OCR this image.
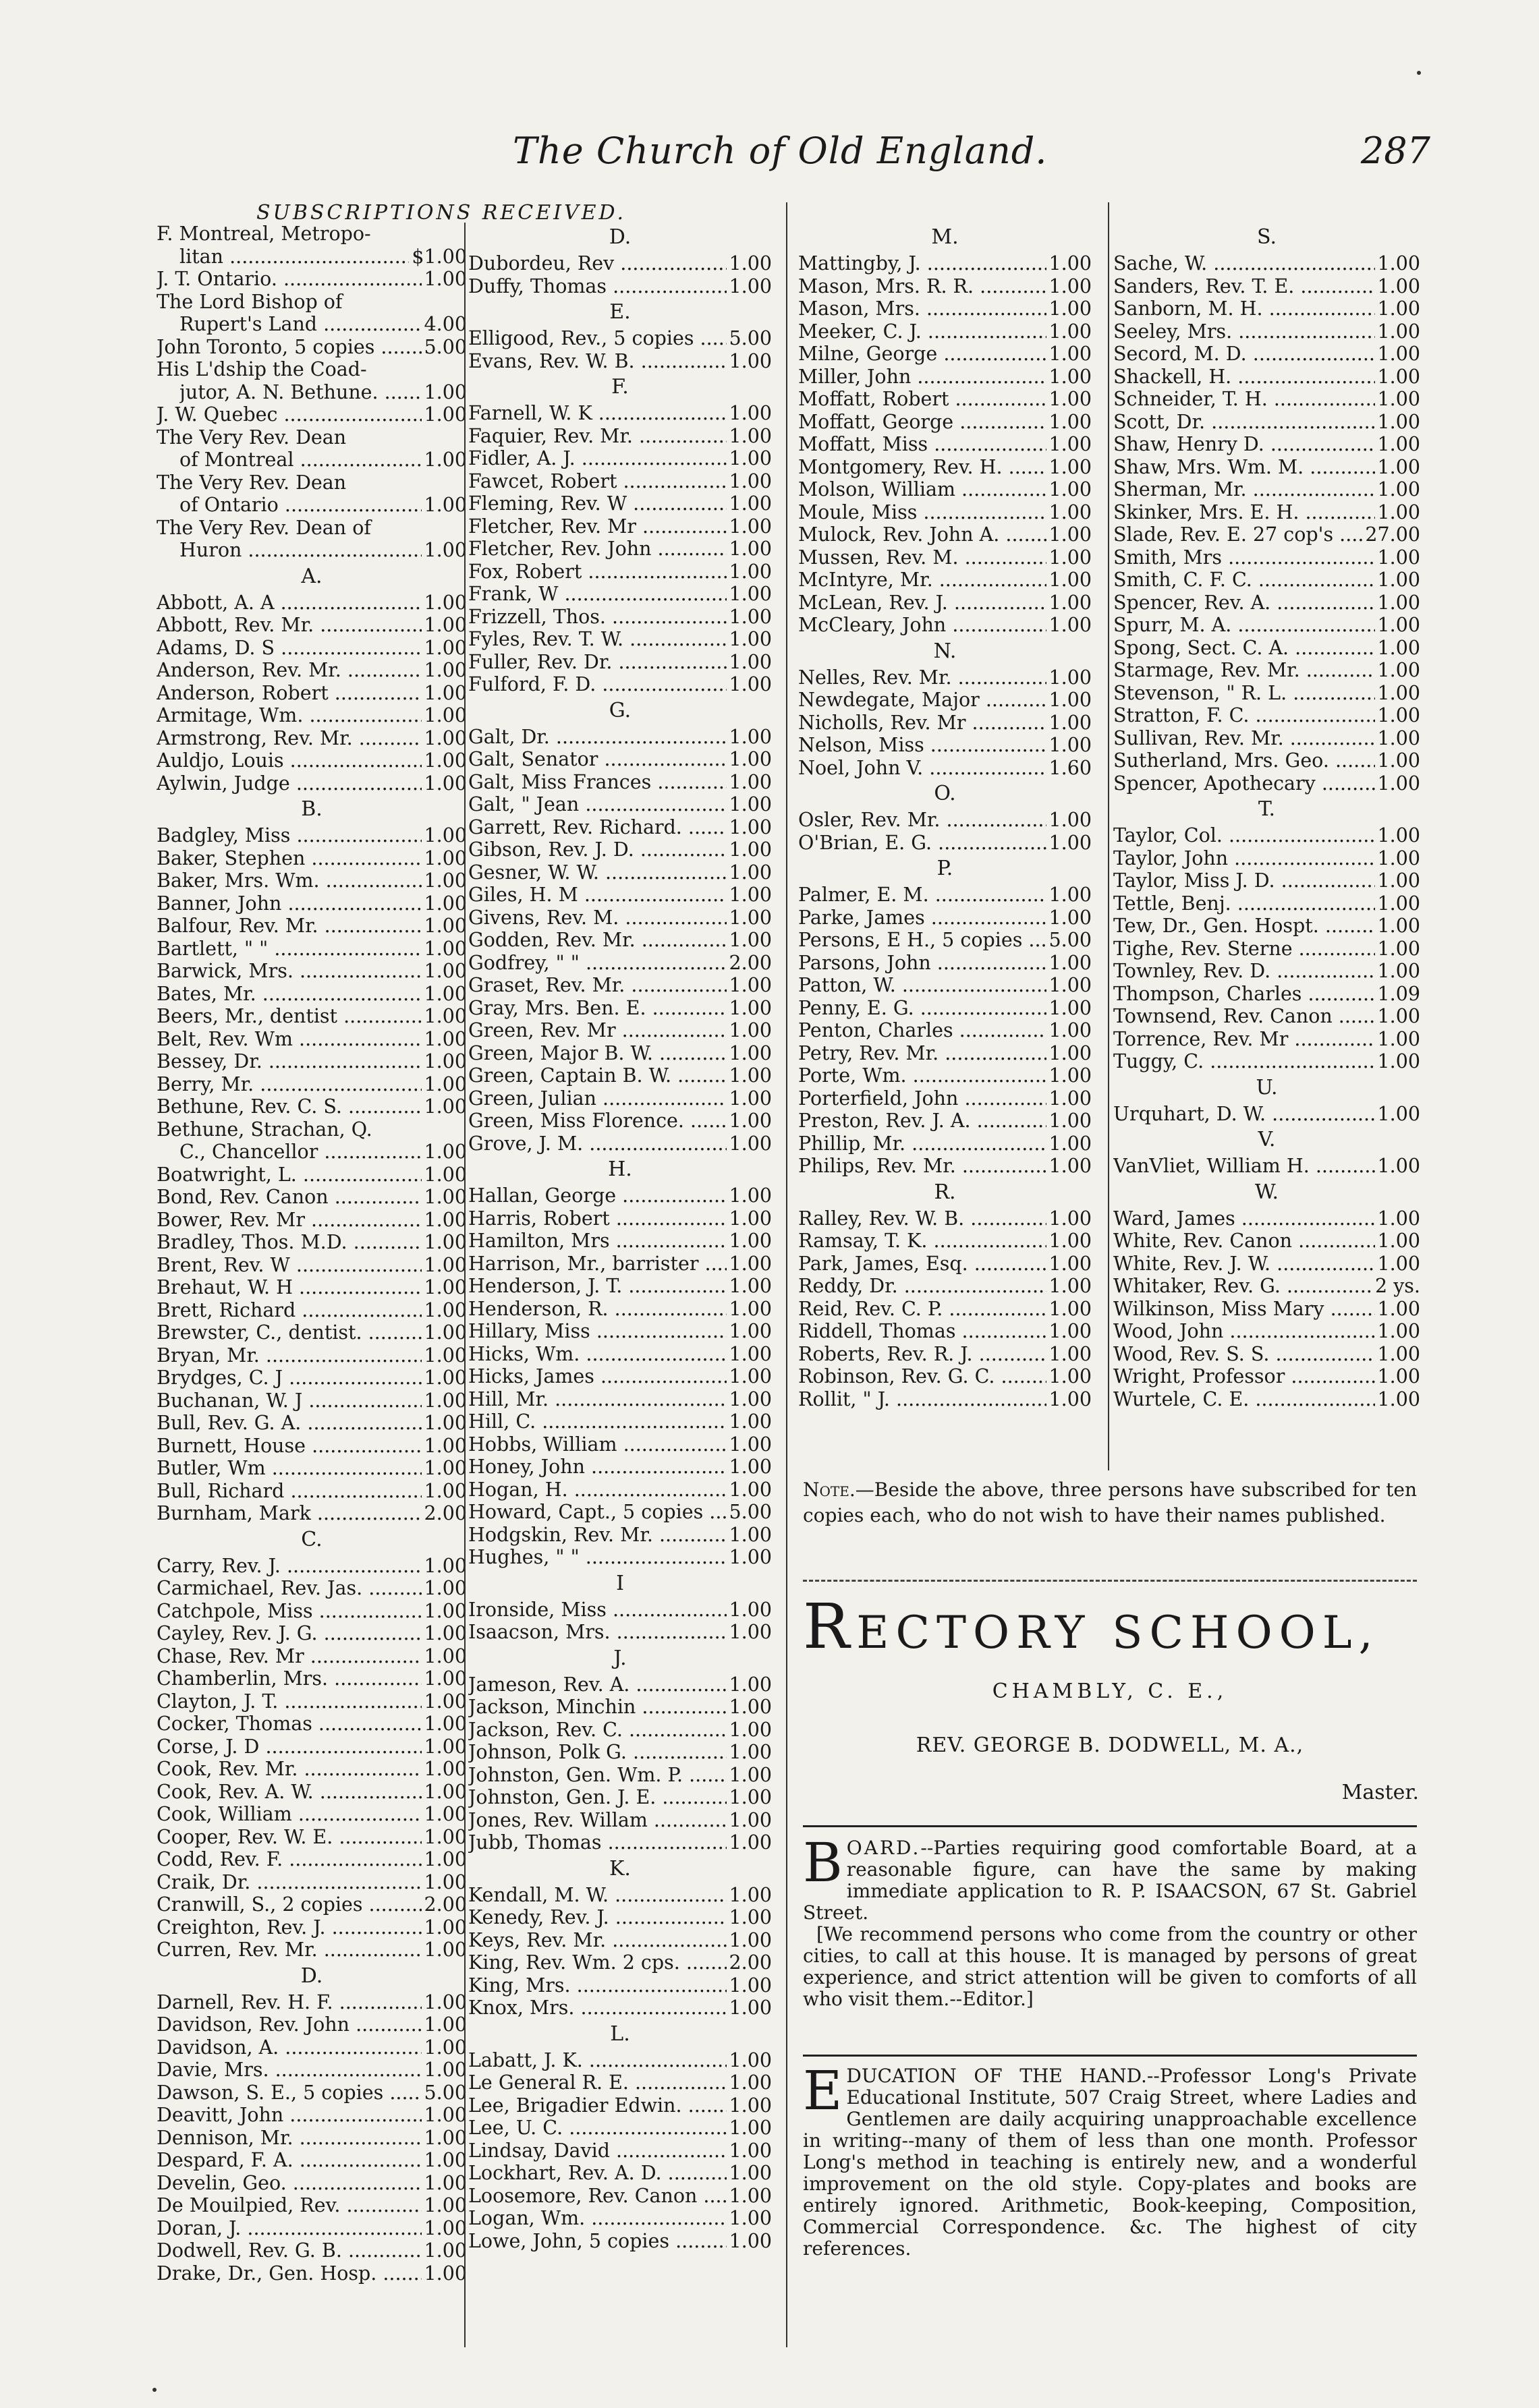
The Church of Old England.	287
SUBSCRIPTIONS RECEIVED.
F. Montreal, Metropo-
litan .....	$1.00
J. T. Ontario. .....	1.00
The Lord Bishop of
Rupert's Land .....	4.00
John Toronto, 5 copies .....	5.00
His L'dship the Coad-
jutor, A. N. Bethune. .....	1.00
J. W. Quebec .....	1.00
The Very Rev. Dean
of Montreal .....	1.00
The Very Rev. Dean
of Ontario .....	1.00
The Very Rev. Dean of
Huron .....	1.00
A.
Abbott, A. A .....	1.00
Abbott, Rev. Mr. .....	1.00
Adams, D. S .....	1.00
Anderson, Rev. Mr. .....	1.00
Anderson, Robert .....	1.00
Armitage, Wm. .....	1.00
Armstrong, Rev. Mr. .....	1.00
Auldjo, Louis .....	1.00
Aylwin, Judge .....	1.00
B.
Badgley, Miss .....	1.00
Baker, Stephen .....	1.00
Baker, Mrs. Wm. .....	1.00
Banner, John .....	1.00
Balfour, Rev. Mr. .....	1.00
Bartlett, " " .....	1.00
Barwick, Mrs. .....	1.00
Bates, Mr. .....	1.00
Beers, Mr., dentist .....	1.00
Belt, Rev. Wm .....	1.00
Bessey, Dr. .....	1.00
Berry, Mr. .....	1.00
Bethune, Rev. C. S. .....	1.00
Bethune, Strachan, Q.
C., Chancellor .....	1.00
Boatwright, L. .....	1.00
Bond, Rev. Canon .....	1.00
Bower, Rev. Mr .....	1.00
Bradley, Thos. M.D. .....	1.00
Brent, Rev. W .....	1.00
Brehaut, W. H .....	1.00
Brett, Richard .....	1.00
Brewster, C., dentist. .....	1.00
Bryan, Mr. .....	1.00
Brydges, C. J .....	1.00
Buchanan, W. J .....	1.00
Bull, Rev. G. A. .....	1.00
Burnett, House .....	1.00
Butler, Wm .....	1.00
Bull, Richard .....	1.00
Burnham, Mark .....	2.00
C.
Carry, Rev. J. .....	1.00
Carmichael, Rev. Jas. .....	1.00
Catchpole, Miss .....	1.00
Cayley, Rev. J. G. .....	1.00
Chase, Rev. Mr .....	1.00
Chamberlin, Mrs. .....	1.00
Clayton, J. T. .....	1.00
Cocker, Thomas .....	1.00
Corse, J. D .....	1.00
Cook, Rev. Mr. .....	1.00
Cook, Rev. A. W. .....	1.00
Cook, William .....	1.00
Cooper, Rev. W. E. .....	1.00
Codd, Rev. F. .....	1.00
Craik, Dr. .....	1.00
Cranwill, S., 2 copies .....	2.00
Creighton, Rev. J. .....	1.00
Curren, Rev. Mr. .....	1.00
D.
Darnell, Rev. H. F. .....	1.00
Davidson, Rev. John .....	1.00
Davidson, A. .....	1.00
Davie, Mrs. .....	1.00
Dawson, S. E., 5 copies .....	5.00
Deavitt, John .....	1.00
Dennison, Mr. .....	1.00
Despard, F. A. .....	1.00
Develin, Geo. .....	1.00
De Mouilpied, Rev. .....	1.00
Doran, J. .....	1.00
Dodwell, Rev. G. B. .....	1.00
Drake, Dr., Gen. Hosp. .....	1.00
D.
Dubordeu, Rev .....	1.00
Duffy, Thomas .....	1.00
E.
Elligood, Rev., 5 copies .....	5.00
Evans, Rev. W. B. .....	1.00
F.
Farnell, W. K .....	1.00
Faquier, Rev. Mr. .....	1.00
Fidler, A. J. .....	1.00
Fawcet, Robert .....	1.00
Fleming, Rev. W .....	1.00
Fletcher, Rev. Mr .....	1.00
Fletcher, Rev. John .....	1.00
Fox, Robert .....	1.00
Frank, W .....	1.00
Frizzell, Thos. .....	1.00
Fyles, Rev. T. W. .....	1.00
Fuller, Rev. Dr. .....	1.00
Fulford, F. D. .....	1.00
G.
Galt, Dr. .....	1.00
Galt, Senator .....	1.00
Galt, Miss Frances .....	1.00
Galt, " Jean .....	1.00
Garrett, Rev. Richard. .....	1.00
Gibson, Rev. J. D. .....	1.00
Gesner, W. W. .....	1.00
Giles, H. M .....	1.00
Givens, Rev. M. .....	1.00
Godden, Rev. Mr. .....	1.00
Godfrey, " " .....	2.00
Graset, Rev. Mr. .....	1.00
Gray, Mrs. Ben. E. .....	1.00
Green, Rev. Mr .....	1.00
Green, Major B. W. .....	1.00
Green, Captain B. W. .....	1.00
Green, Julian .....	1.00
Green, Miss Florence. .....	1.00
Grove, J. M. .....	1.00
H.
Hallan, George .....	1.00
Harris, Robert .....	1.00
Hamilton, Mrs .....	1.00
Harrison, Mr., barrister .....	1.00
Henderson, J. T. .....	1.00
Henderson, R. .....	1.00
Hillary, Miss .....	1.00
Hicks, Wm. .....	1.00
Hicks, James .....	1.00
Hill, Mr. .....	1.00
Hill, C. .....	1.00
Hobbs, William .....	1.00
Honey, John .....	1.00
Hogan, H. .....	1.00
Howard, Capt., 5 copies .....	5.00
Hodgskin, Rev. Mr. .....	1.00
Hughes, " " .....	1.00
I
Ironside, Miss .....	1.00
Isaacson, Mrs. .....	1.00
J.
Jameson, Rev. A. .....	1.00
Jackson, Minchin .....	1.00
Jackson, Rev. C. .....	1.00
Johnson, Polk G. .....	1.00
Johnston, Gen. Wm. P. .....	1.00
Johnston, Gen. J. E. .....	1.00
Jones, Rev. Willam .....	1.00
Jubb, Thomas .....	1.00
K.
Kendall, M. W. .....	1.00
Kenedy, Rev. J. .....	1.00
Keys, Rev. Mr. .....	1.00
King, Rev. Wm. 2 cps. .....	2.00
King, Mrs. .....	1.00
Knox, Mrs. .....	1.00
L.
Labatt, J. K. .....	1.00
Le General R. E. .....	1.00
Lee, Brigadier Edwin. .....	1.00
Lee, U. C. .....	1.00
Lindsay, David .....	1.00
Lockhart, Rev. A. D. .....	1.00
Loosemore, Rev. Canon .....	1.00
Logan, Wm. .....	1.00
Lowe, John, 5 copies .....	1.00
M.
Mattingby, J. .....	1.00
Mason, Mrs. R. R. .....	1.00
Mason, Mrs. .....	1.00
Meeker, C. J. .....	1.00
Milne, George .....	1.00
Miller, John .....	1.00
Moffatt, Robert .....	1.00
Moffatt, George .....	1.00
Moffatt, Miss .....	1.00
Montgomery, Rev. H. .....	1.00
Molson, William .....	1.00
Moule, Miss .....	1.00
Mulock, Rev. John A. .....	1.00
Mussen, Rev. M. .....	1.00
McIntyre, Mr. .....	1.00
McLean, Rev. J. .....	1.00
McCleary, John .....	1.00
N.
Nelles, Rev. Mr. .....	1.00
Newdegate, Major .....	1.00
Nicholls, Rev. Mr .....	1.00
Nelson, Miss .....	1.00
Noel, John V. .....	1.60
O.
Osler, Rev. Mr. .....	1.00
O'Brian, E. G. .....	1.00
P.
Palmer, E. M. .....	1.00
Parke, James .....	1.00
Persons, E H., 5 copies .....	5.00
Parsons, John .....	1.00
Patton, W. .....	1.00
Penny, E. G. .....	1.00
Penton, Charles .....	1.00
Petry, Rev. Mr. .....	1.00
Porte, Wm. .....	1.00
Porterfield, John .....	1.00
Preston, Rev. J. A. .....	1.00
Phillip, Mr. .....	1.00
Philips, Rev. Mr. .....	1.00
R.
Ralley, Rev. W. B. .....	1.00
Ramsay, T. K. .....	1.00
Park, James, Esq. .....	1.00
Reddy, Dr. .....	1.00
Reid, Rev. C. P. .....	1.00
Riddell, Thomas .....	1.00
Roberts, Rev. R. J. .....	1.00
Robinson, Rev. G. C. .....	1.00
Rollit, " J. .....	1.00
S.
Sache, W. .....	1.00
Sanders, Rev. T. E. .....	1.00
Sanborn, M. H. .....	1.00
Seeley, Mrs. .....	1.00
Secord, M. D. .....	1.00
Shackell, H. .....	1.00
Schneider, T. H. .....	1.00
Scott, Dr. .....	1.00
Shaw, Henry D. .....	1.00
Shaw, Mrs. Wm. M. .....	1.00
Sherman, Mr. .....	1.00
Skinker, Mrs. E. H. .....	1.00
Slade, Rev. E. 27 cop's .....	27.00
Smith, Mrs .....	1.00
Smith, C. F. C. .....	1.00
Spencer, Rev. A. .....	1.00
Spurr, M. A. .....	1.00
Spong, Sect. C. A. .....	1.00
Starmage, Rev. Mr. .....	1.00
Stevenson, " R. L. .....	1.00
Stratton, F. C. .....	1.00
Sullivan, Rev. Mr. .....	1.00
Sutherland, Mrs. Geo. .....	1.00
Spencer, Apothecary .....	1.00
T.
Taylor, Col. .....	1.00
Taylor, John .....	1.00
Taylor, Miss J. D. .....	1.00
Tettle, Benj. .....	1.00
Tew, Dr., Gen. Hospt. .....	1.00
Tighe, Rev. Sterne .....	1.00
Townley, Rev. D. .....	1.00
Thompson, Charles .....	1.09
Townsend, Rev. Canon .....	1.00
Torrence, Rev. Mr .....	1.00
Tuggy, C. .....	1.00
U.
Urquhart, D. W. .....	1.00
V.
VanVliet, William H. .....	1.00
W.
Ward, James .....	1.00
White, Rev. Canon .....	1.00
White, Rev. J. W. .....	1.00
Whitaker, Rev. G. .....	2 ys.
Wilkinson, Miss Mary .....	1.00
Wood, John .....	1.00
Wood, Rev. S. S. .....	1.00
Wright, Professor .....	1.00
Wurtele, C. E. .....	1.00
Note.—Beside the above, three persons have subscribed for ten copies each, who do not wish to have their names published.
RECTORY SCHOOL,
CHAMBLY, C. E.,
REV. GEORGE B. DODWELL, M. A.,
Master.
B OARD.--Parties requiring good comfortable Board, at a reasonable figure, can have the same by making immediate application to R. P. ISAACSON, 67 St. Gabriel Street.
[We recommend persons who come from the country or other cities, to call at this house. It is managed by persons of great experience, and strict attention will be given to comforts of all who visit them.--Editor.]
EDUCATION OF THE HAND.--Professor Long's Private Educational Institute, 507 Craig Street, where Ladies and Gentlemen are daily acquiring unapproachable excellence in writing--many of them of less than one month. Professor Long's method in teaching is entirely new, and a wonderful improvement on the old style. Copy-plates and books are entirely ignored. Arithmetic, Book-keeping, Composition, Commercial Correspondence. &c. The highest of city references.
